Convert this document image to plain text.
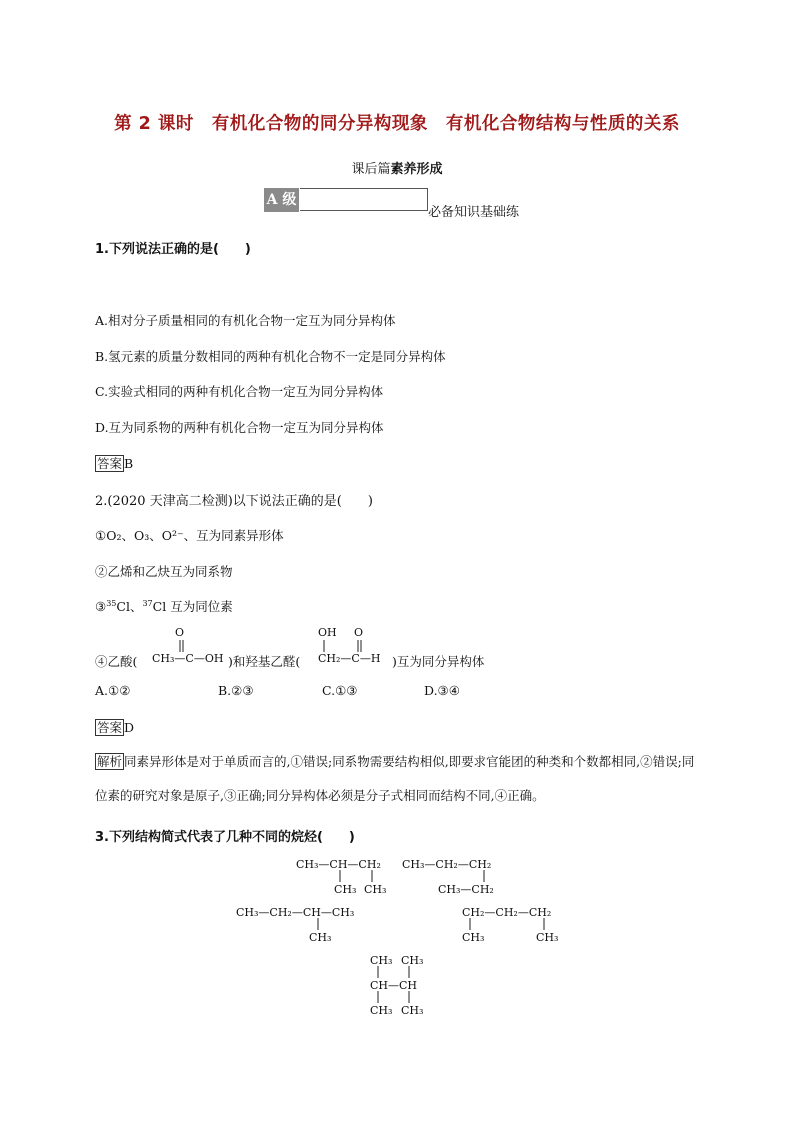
第 2 课时　有机化合物的同分异构现象　有机化合物结构与性质的关系
课后篇素养形成
A 级
必备知识基础练
1.下列说法正确的是(　　)
A.相对分子质量相同的有机化合物一定互为同分异构体
B.氢元素的质量分数相同的两种有机化合物不一定是同分异构体
C.实验式相同的两种有机化合物一定互为同分异构体
D.互为同系物的两种有机化合物一定互为同分异构体
答案 B
2.(2020 天津高二检测)以下说法正确的是(　　)
①O₂、O₃、O²⁻、互为同素异形体
②乙烯和乙炔互为同系物
③$^{35}$Cl、$^{37}$Cl 互为同位素
④乙酸(
O
CH₃—C—OH )和羟基乙醛(
OH O
CH₂—C—H )互为同分异构体
A.①②	B.②③	C.①③	D.③④
答案 D
解析 同素异形体是对于单质而言的,①错误;同系物需要结构相似,即要求官能团的种类和个数都相同,②错误;同位素的研究对象是原子,③正确;同分异构体必须是分子式相同而结构不同,④正确。
3.下列结构简式代表了几种不同的烷烃(　　)
CH₃—CH—CH₂
CH₃ CH₃
CH₃—CH₂—CH₂
CH₃—CH₂
CH₃—CH₂—CH—CH₃
CH₃
CH₂—CH₂—CH₂
CH₃	CH₃
CH₃ CH₃
CH—CH
CH₃ CH₃
